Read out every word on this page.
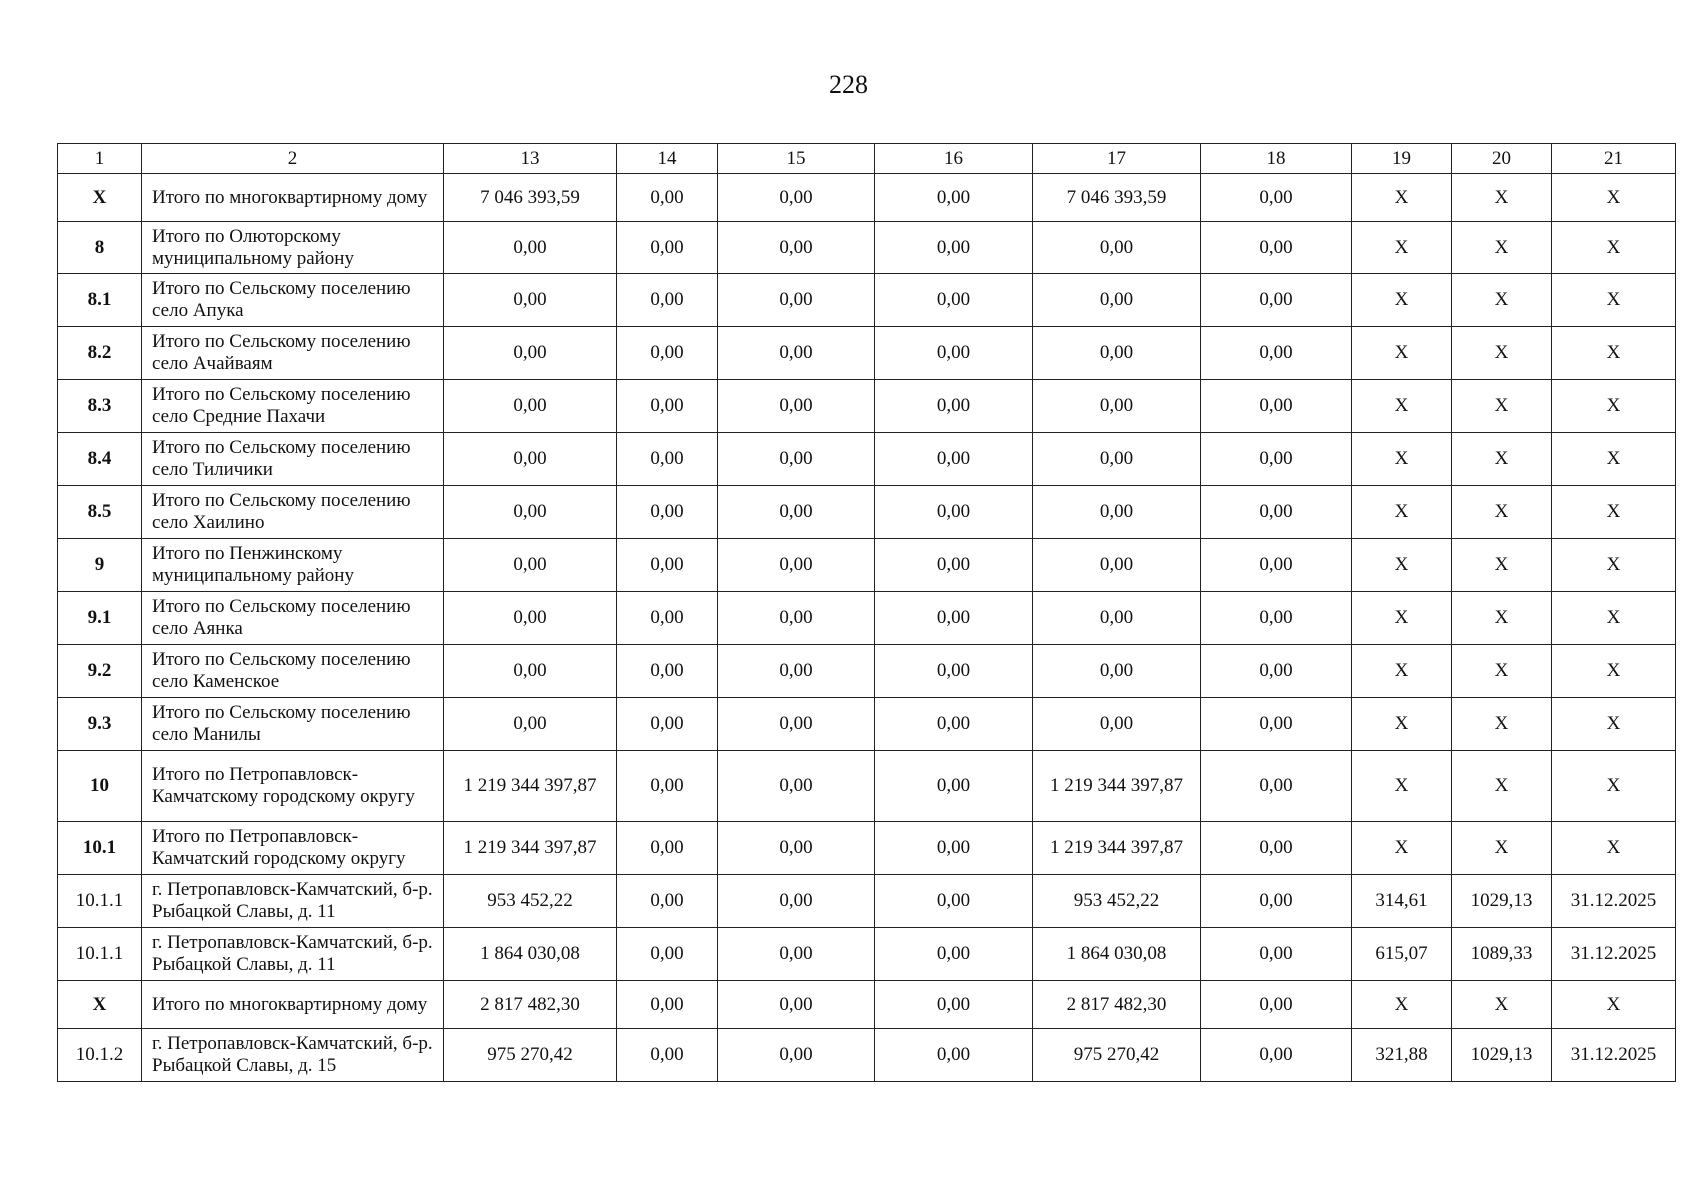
228
1	2	13	14	15	16	17	18	19	20	21
X	Итого по многоквартирному дому	7 046 393,59	0,00	0,00	0,00	7 046 393,59	0,00	X	X	X
8	Итого по Олюторскому муниципальному району	0,00	0,00	0,00	0,00	0,00	0,00	X	X	X
8.1	Итого по Сельскому поселению село Апука	0,00	0,00	0,00	0,00	0,00	0,00	X	X	X
8.2	Итого по Сельскому поселению село Ачайваям	0,00	0,00	0,00	0,00	0,00	0,00	X	X	X
8.3	Итого по Сельскому поселению село Средние Пахачи	0,00	0,00	0,00	0,00	0,00	0,00	X	X	X
8.4	Итого по Сельскому поселению село Тиличики	0,00	0,00	0,00	0,00	0,00	0,00	X	X	X
8.5	Итого по Сельскому поселению село Хаилино	0,00	0,00	0,00	0,00	0,00	0,00	X	X	X
9	Итого по Пенжинскому муниципальному району	0,00	0,00	0,00	0,00	0,00	0,00	X	X	X
9.1	Итого по Сельскому поселению село Аянка	0,00	0,00	0,00	0,00	0,00	0,00	X	X	X
9.2	Итого по Сельскому поселению село Каменское	0,00	0,00	0,00	0,00	0,00	0,00	X	X	X
9.3	Итого по Сельскому поселению село Манилы	0,00	0,00	0,00	0,00	0,00	0,00	X	X	X
10	Итого по Петропавловск-Камчатскому городскому округу	1 219 344 397,87	0,00	0,00	0,00	1 219 344 397,87	0,00	X	X	X
10.1	Итого по Петропавловск-Камчатский городскому округу	1 219 344 397,87	0,00	0,00	0,00	1 219 344 397,87	0,00	X	X	X
10.1.1	г. Петропавловск-Камчатский, б-р. Рыбацкой Славы, д. 11	953 452,22	0,00	0,00	0,00	953 452,22	0,00	314,61	1029,13	31.12.2025
10.1.1	г. Петропавловск-Камчатский, б-р. Рыбацкой Славы, д. 11	1 864 030,08	0,00	0,00	0,00	1 864 030,08	0,00	615,07	1089,33	31.12.2025
X	Итого по многоквартирному дому	2 817 482,30	0,00	0,00	0,00	2 817 482,30	0,00	X	X	X
10.1.2	г. Петропавловск-Камчатский, б-р. Рыбацкой Славы, д. 15	975 270,42	0,00	0,00	0,00	975 270,42	0,00	321,88	1029,13	31.12.2025
